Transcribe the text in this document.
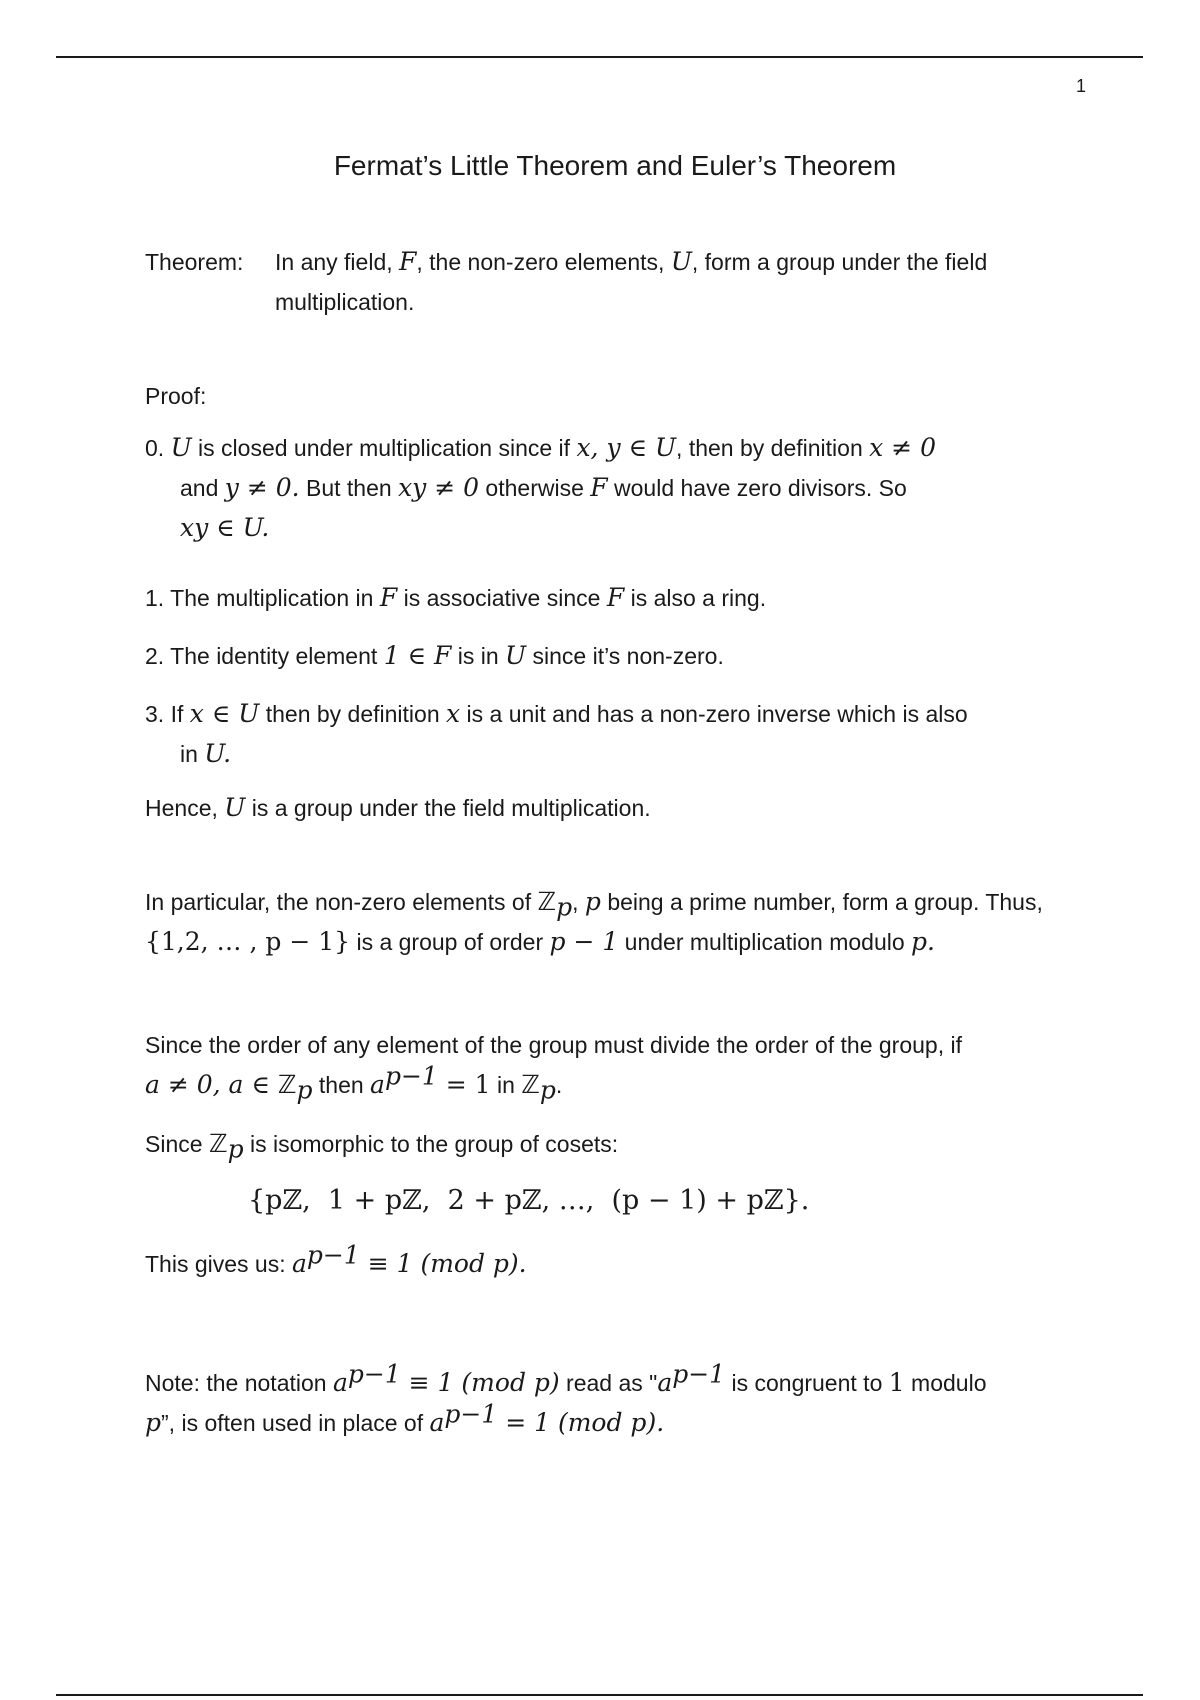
1
Fermat’s Little Theorem and Euler’s Theorem
Theorem:	In any field, F, the non-zero elements, U, form a group under the field multiplication.
Proof:
0. U is closed under multiplication since if x, y ∈ U, then by definition x ≠ 0
and y ≠ 0. But then xy ≠ 0 otherwise F would have zero divisors. So
xy ∈ U.
1. The multiplication in F is associative since F is also a ring.
2. The identity element 1 ∈ F is in U since it’s non-zero.
3. If x ∈ U then by definition x is a unit and has a non-zero inverse which is also
in U.
Hence, U is a group under the field multiplication.
In particular, the non-zero elements of ℤ$_p$, p being a prime number, form a group. Thus, {1,2, … , p − 1} is a group of order p − 1 under multiplication modulo p.
Since the order of any element of the group must divide the order of the group, if
a ≠ 0, a ∈ ℤ$_p$ then $a^{p-1} = 1$ in ℤ$_p$.
Since ℤ$_p$ is isomorphic to the group of cosets:
{pℤ,  1 + pℤ,  2 + pℤ, …,  (p − 1) + pℤ}.
This gives us: $a^{p-1} \equiv 1$ (mod p).
Note: the notation $a^{p-1} \equiv 1$ (mod p) read as "$a^{p-1}$ is congruent to 1 modulo
p”, is often used in place of $a^{p-1} = 1$ (mod p).
